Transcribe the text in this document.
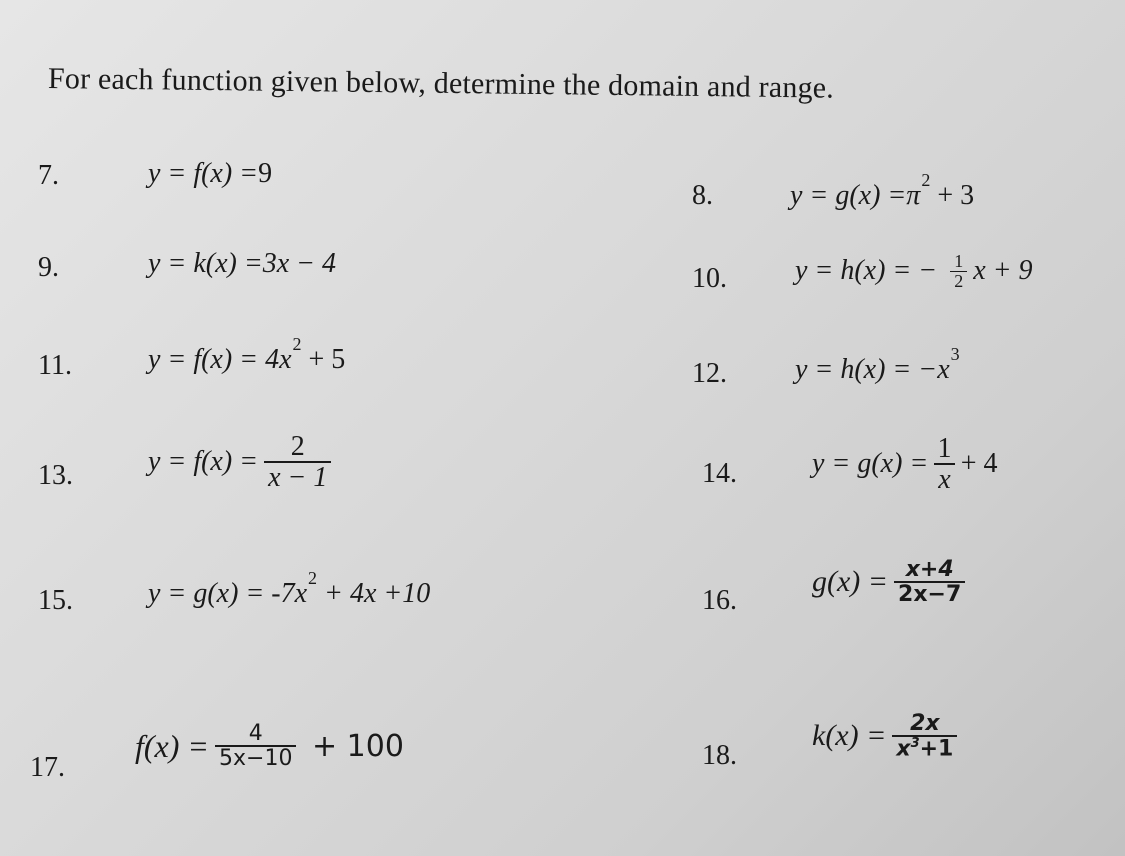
For each function given below, determine the domain and range.
7.	y = f(x) = 9
8.	y = g(x) = π
2
+ 3
9.	y = k(x) = 3x − 4	10. y = h(x) = − $\frac{1}{2}$ x + 9
11.	y = f(x) = 4x
2
+ 5	12. y = h(x) = −x
3
13.	$y = f(x) = \frac{2}{x - 1}$	14.	$y = g(x) = \frac{1}{x} + 4$
15.	y = g(x) = -7x
2
+ 4x +10	16.
$g(x) = \frac{x+4}{2x-7}$
17.
$f(x) = \frac{4}{5x-10} + 100$	18.
$k(x) = \frac{2x}{x^3+1}$
